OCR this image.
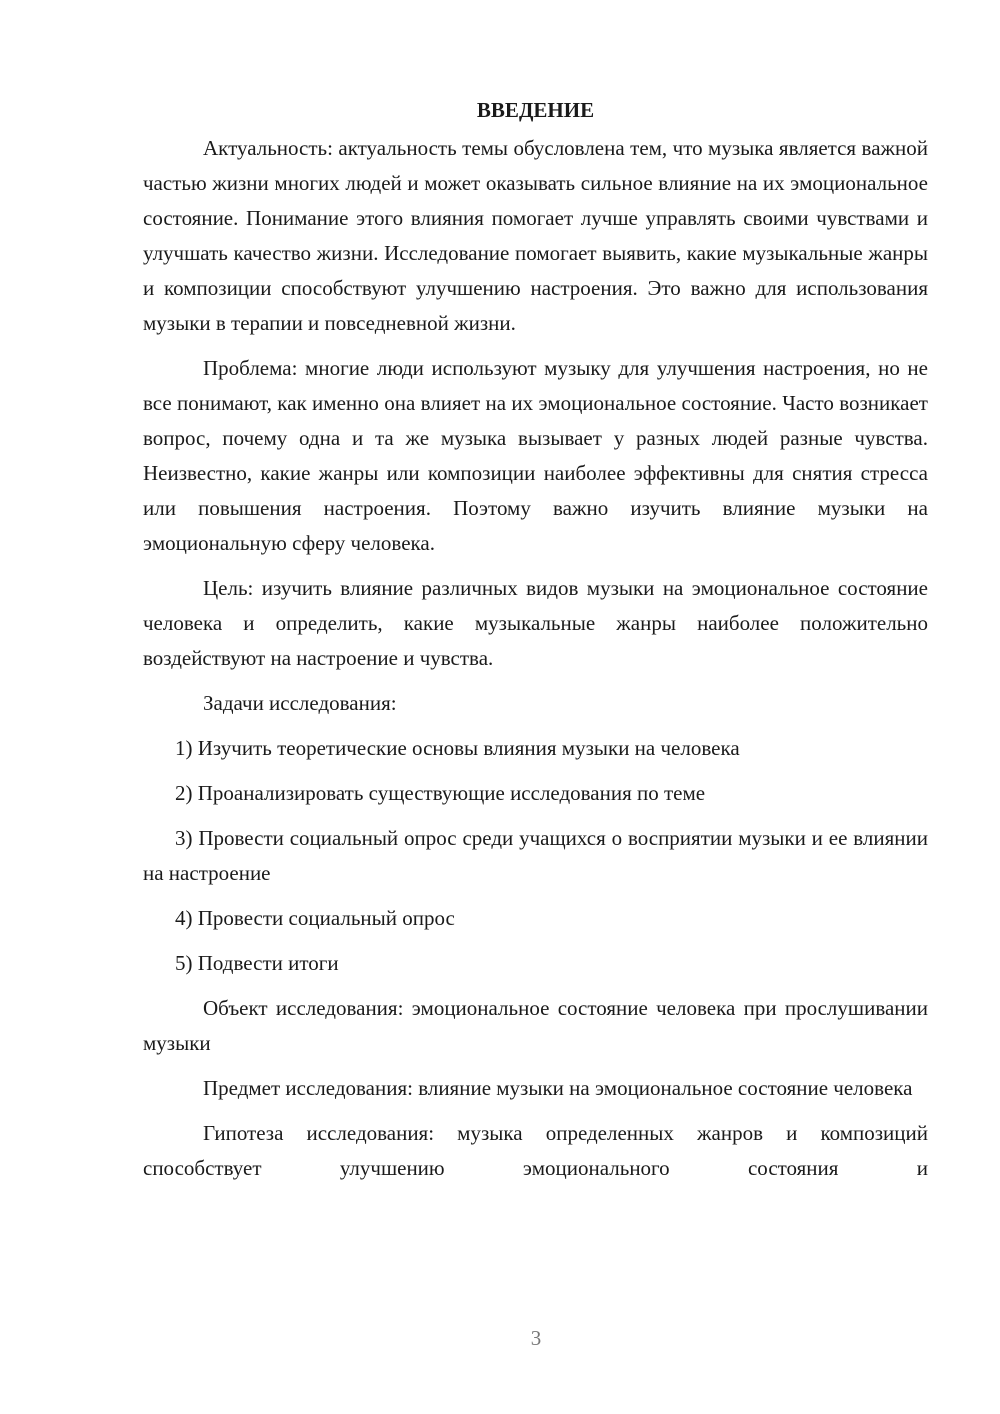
ВВЕДЕНИЕ

Актуальность: актуальность темы обусловлена тем, что музыка является важной частью жизни многих людей и может оказывать сильное влияние на их эмоциональное состояние. Понимание этого влияния помогает лучше управлять своими чувствами и улучшать качество жизни. Исследование помогает выявить, какие музыкальные жанры и композиции способствуют улучшению настроения. Это важно для использования музыки в терапии и повседневной жизни.

Проблема: многие люди используют музыку для улучшения настроения, но не все понимают, как именно она влияет на их эмоциональное состояние. Часто возникает вопрос, почему одна и та же музыка вызывает у разных людей разные чувства. Неизвестно, какие жанры или композиции наиболее эффективны для снятия стресса или повышения настроения. Поэтому важно изучить влияние музыки на эмоциональную сферу человека.

Цель: изучить влияние различных видов музыки на эмоциональное состояние человека и определить, какие музыкальные жанры наиболее положительно воздействуют на настроение и чувства.

Задачи исследования:

1) Изучить теоретические основы влияния музыки на человека

2) Проанализировать существующие исследования по теме

3) Провести социальный опрос среди учащихся о восприятии музыки и ее влиянии на настроение

4) Провести социальный опрос

5) Подвести итоги

Объект исследования: эмоциональное состояние человека при прослушивании музыки

Предмет исследования: влияние музыки на эмоциональное состояние человека

Гипотеза исследования: музыка определенных жанров и композиций способствует улучшению эмоционального состояния и

3
